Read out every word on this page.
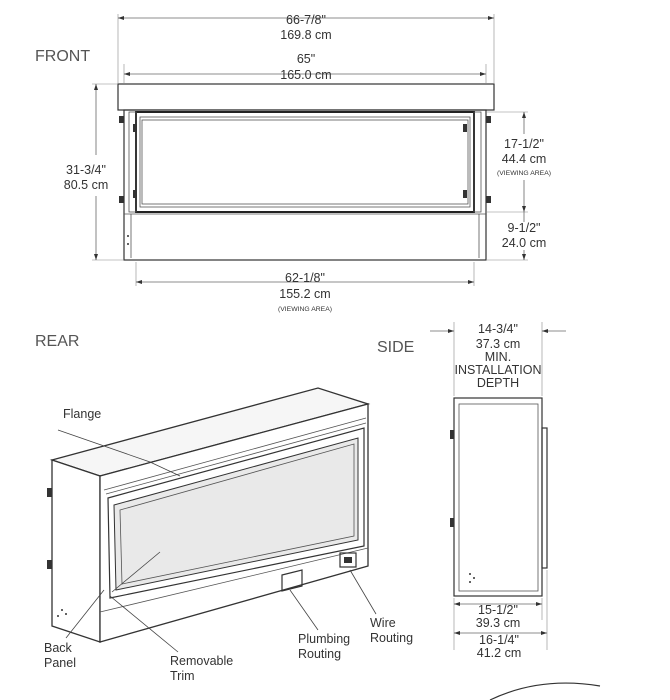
FRONT
66-7/8"
169.8 cm
65"
165.0 cm
31-3/4"
80.5 cm
17-1/2"
44.4 cm
(VIEWING AREA)
9-1/2"
24.0 cm
62-1/8"
155.2 cm
(VIEWING AREA)
REAR
Flange
Back
Panel	Removable
Trim
Plumbing
Routing
Wire
Routing
SIDE
14-3/4"
37.3 cm
MIN.
INSTALLATION
DEPTH
15-1/2"
39.3 cm
16-1/4"
41.2 cm
